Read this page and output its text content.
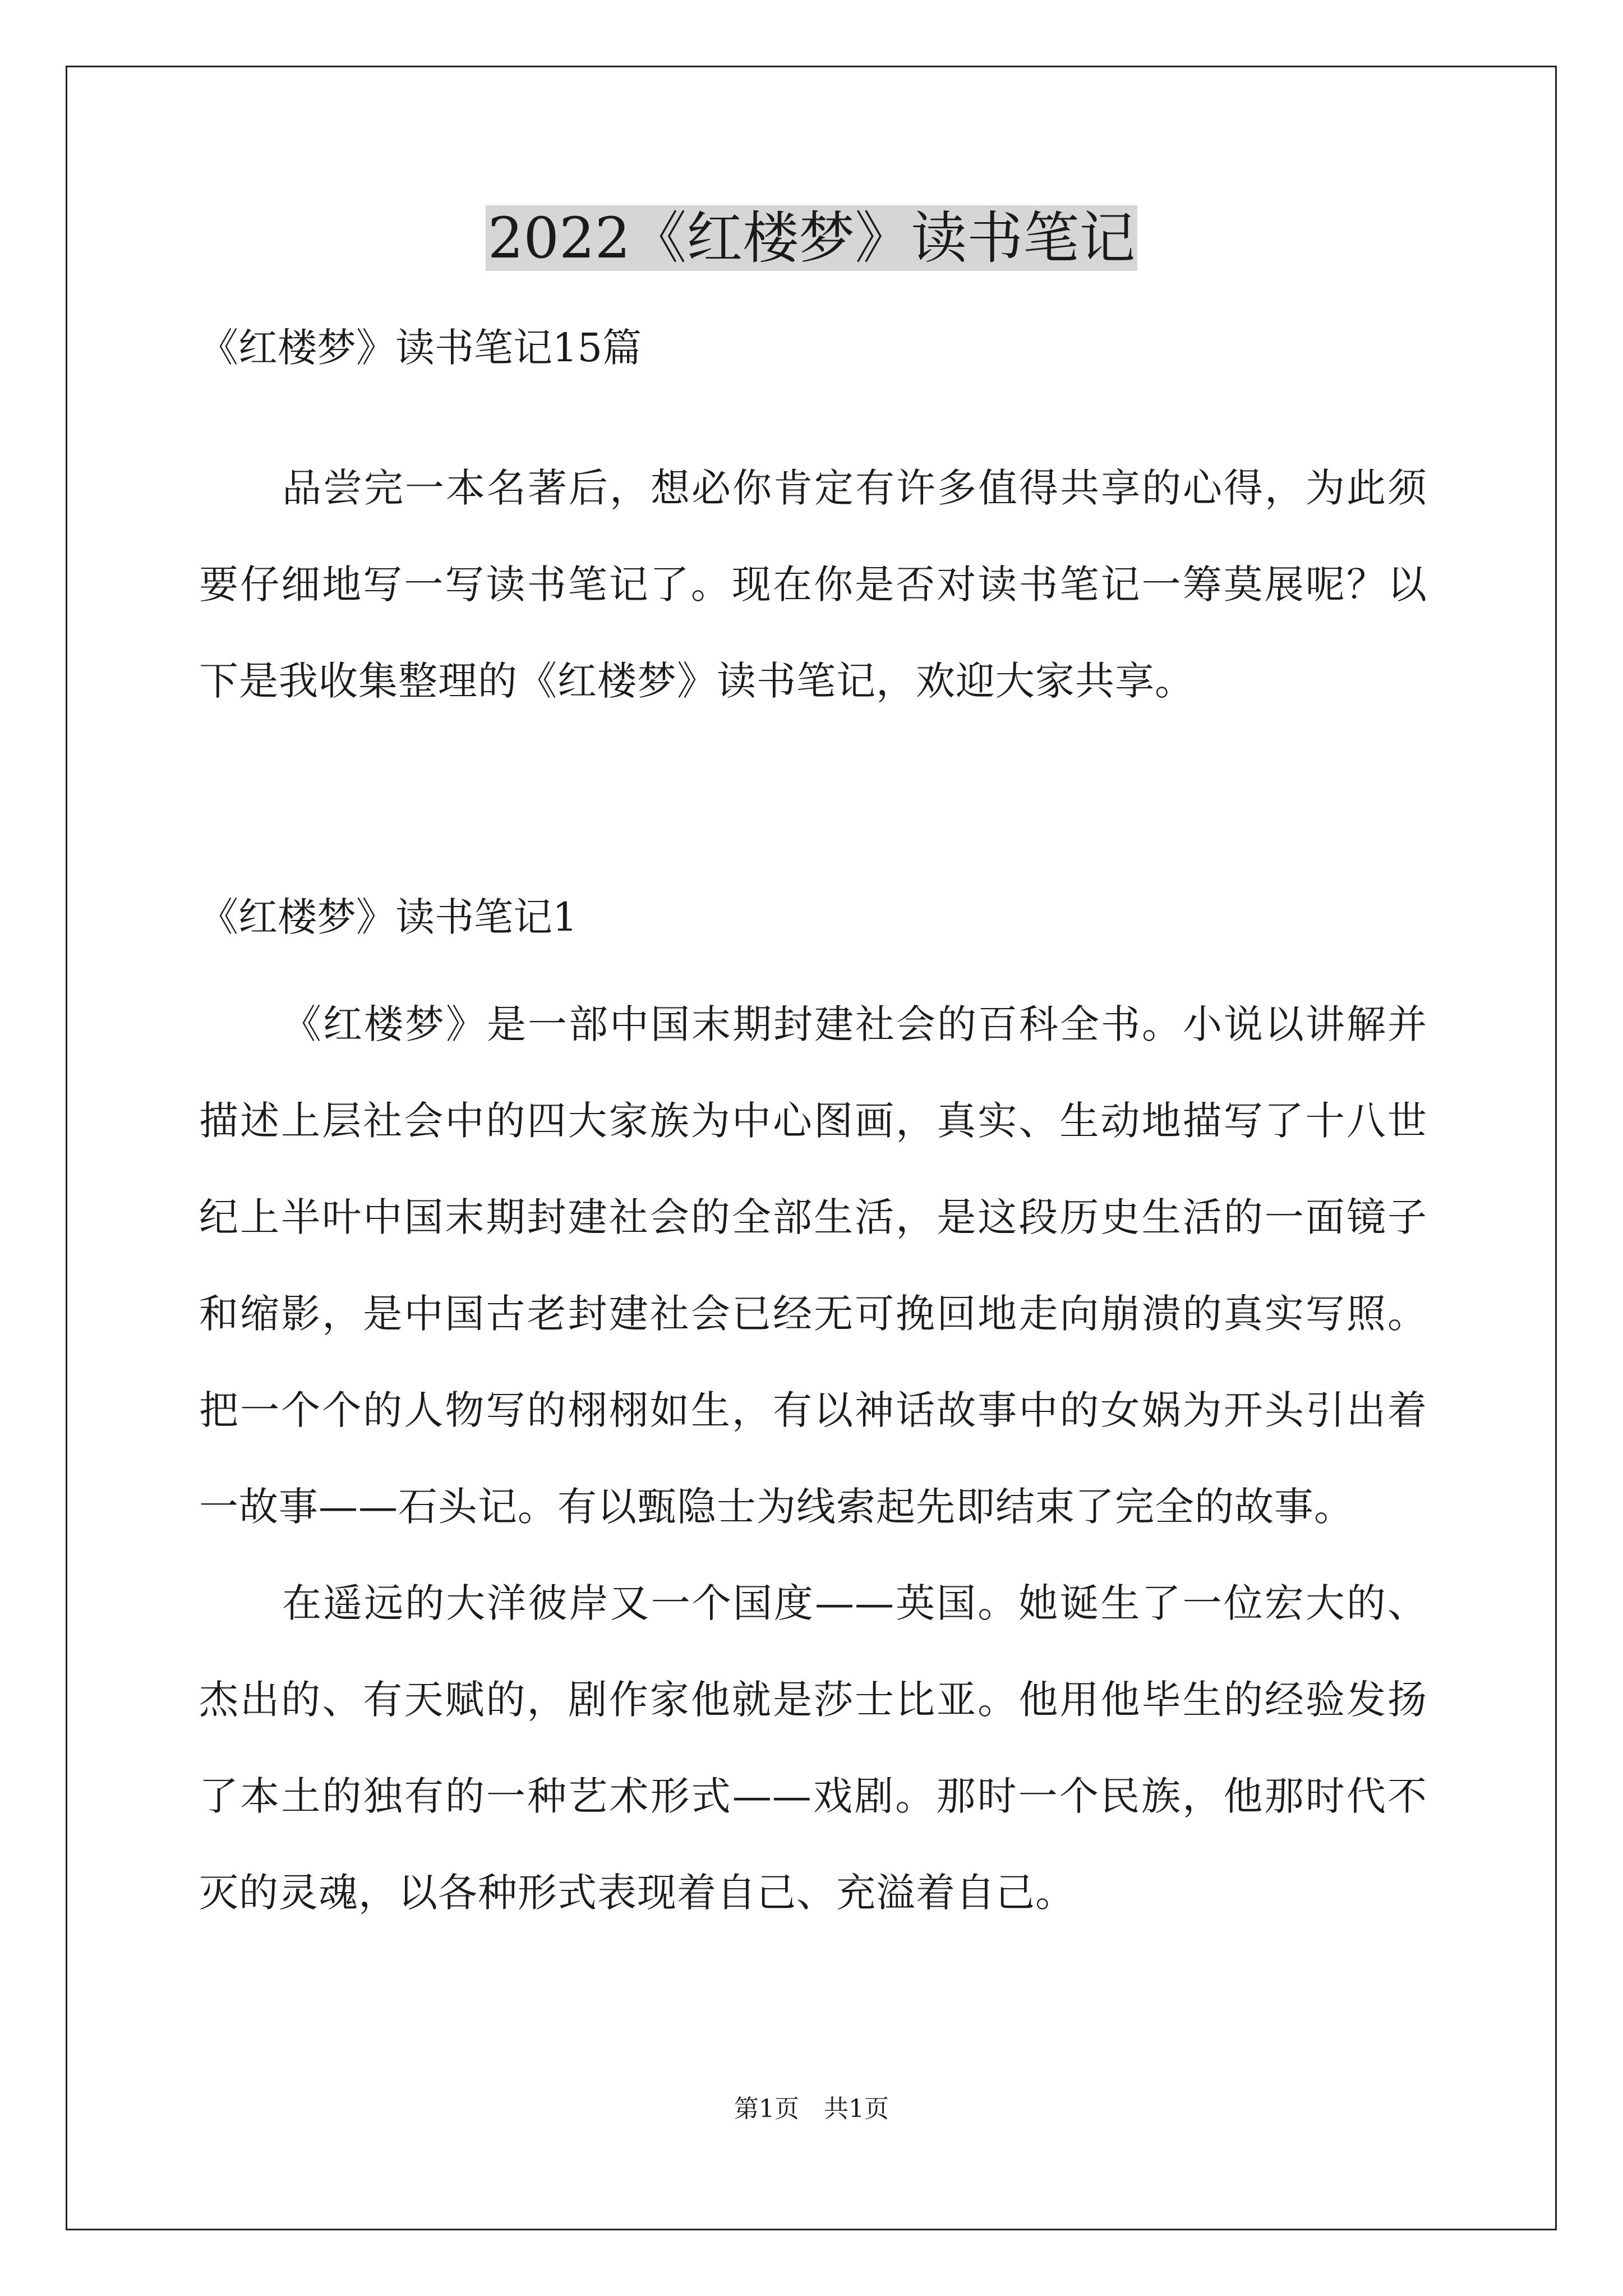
2022《红楼梦》读书笔记
《红楼梦》读书笔记15篇

品尝完一本名著后，想必你肯定有许多值得共享的心得，为此须要仔细地写一写读书笔记了。现在你是否对读书笔记一筹莫展呢？以下是我收集整理的《红楼梦》读书笔记，欢迎大家共享。

《红楼梦》读书笔记1

《红楼梦》是一部中国末期封建社会的百科全书。小说以讲解并描述上层社会中的四大家族为中心图画，真实、生动地描写了十八世纪上半叶中国末期封建社会的全部生活，是这段历史生活的一面镜子和缩影，是中国古老封建社会已经无可挽回地走向崩溃的真实写照。把一个个的人物写的栩栩如生，有以神话故事中的女娲为开头引出着一故事——石头记。有以甄隐士为线索起先即结束了完全的故事。

在遥远的大洋彼岸又一个国度——英国。她诞生了一位宏大的、杰出的、有天赋的，剧作家他就是莎士比亚。他用他毕生的经验发扬了本土的独有的一种艺术形式——戏剧。那时一个民族，他那时代不灭的灵魂，以各种形式表现着自己、充溢着自己。

第1页　共1页
